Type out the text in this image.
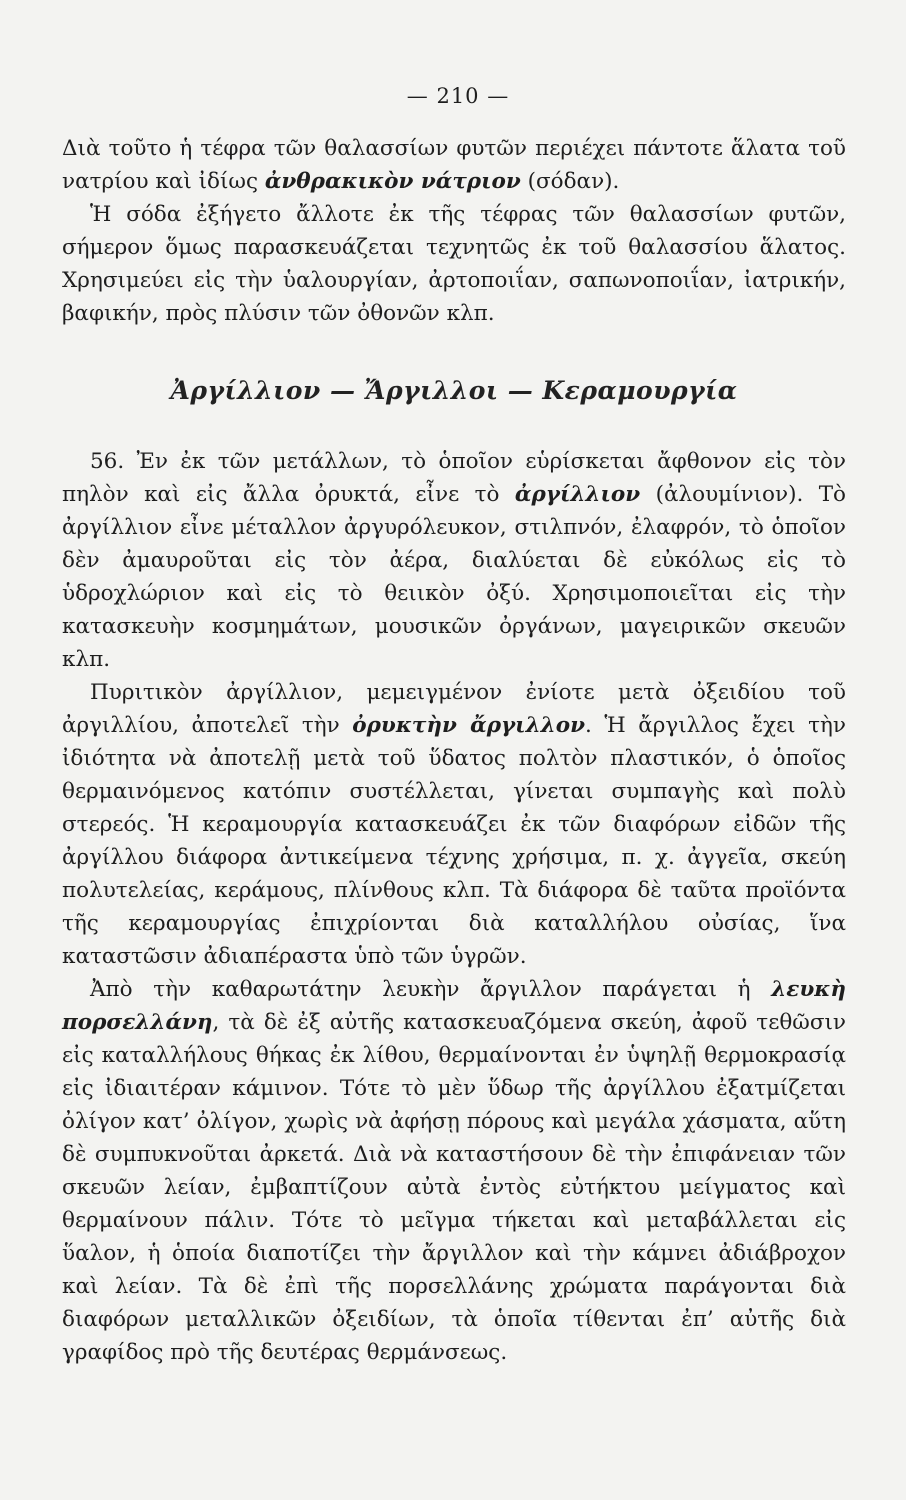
— 210 —

Διὰ τοῦτο ἡ τέφρα τῶν θαλασσίων φυτῶν περιέχει πάντοτε ἅλατα τοῦ νατρίου καὶ ἰδίως ἀνθρακικὸν νάτριον (σόδαν).

Ἡ σόδα ἐξήγετο ἄλλοτε ἐκ τῆς τέφρας τῶν θαλασσίων φυτῶν, σήμερον ὅμως παρασκευάζεται τεχνητῶς ἐκ τοῦ θαλασσίου ἅλατος. Χρησιμεύει εἰς τὴν ὑαλουργίαν, ἀρτοποιΐαν, σαπωνοποιΐαν, ἰατρικήν, βαφικήν, πρὸς πλύσιν τῶν ὀθονῶν κλπ.

Ἀργίλλιον — Ἄργιλλοι — Κεραμουργία

56. Ἐν ἐκ τῶν μετάλλων, τὸ ὁποῖον εὑρίσκεται ἄφθονον εἰς τὸν πηλὸν καὶ εἰς ἄλλα ὀρυκτά, εἶνε τὸ ἀργίλλιον (ἀλουμίνιον). Τὸ ἀργίλλιον εἶνε μέταλλον ἀργυρόλευκον, στιλπνόν, ἐλαφρόν, τὸ ὁποῖον δὲν ἀμαυροῦται εἰς τὸν ἀέρα, διαλύεται δὲ εὐκόλως εἰς τὸ ὑδροχλώριον καὶ εἰς τὸ θειικὸν ὀξύ. Χρησιμοποιεῖται εἰς τὴν κατασκευὴν κοσμημάτων, μουσικῶν ὀργάνων, μαγειρικῶν σκευῶν κλπ.

Πυριτικὸν ἀργίλλιον, μεμειγμένον ἐνίοτε μετὰ ὀξειδίου τοῦ ἀργιλλίου, ἀποτελεῖ τὴν ὀρυκτὴν ἄργιλλον. Ἡ ἄργιλλος ἔχει τὴν ἰδιότητα νὰ ἀποτελῇ μετὰ τοῦ ὕδατος πολτὸν πλαστικόν, ὁ ὁποῖος θερμαινόμενος κατόπιν συστέλλεται, γίνεται συμπαγὴς καὶ πολὺ στερεός. Ἡ κεραμουργία κατασκευάζει ἐκ τῶν διαφόρων εἰδῶν τῆς ἀργίλλου διάφορα ἀντικείμενα τέχνης χρήσιμα, π. χ. ἀγγεῖα, σκεύη πολυτελείας, κεράμους, πλίνθους κλπ. Τὰ διάφορα δὲ ταῦτα προϊόντα τῆς κεραμουργίας ἐπιχρίονται διὰ καταλλήλου οὐσίας, ἵνα καταστῶσιν ἀδιαπέραστα ὑπὸ τῶν ὑγρῶν.

Ἀπὸ τὴν καθαρωτάτην λευκὴν ἄργιλλον παράγεται ἡ λευκὴ πορσελλάνη, τὰ δὲ ἐξ αὐτῆς κατασκευαζόμενα σκεύη, ἀφοῦ τεθῶσιν εἰς καταλλήλους θήκας ἐκ λίθου, θερμαίνονται ἐν ὑψηλῇ θερμοκρασίᾳ εἰς ἰδιαιτέραν κάμινον. Τότε τὸ μὲν ὕδωρ τῆς ἀργίλλου ἐξατμίζεται ὀλίγον κατ’ ὀλίγον, χωρὶς νὰ ἀφήσῃ πόρους καὶ μεγάλα χάσματα, αὕτη δὲ συμπυκνοῦται ἀρκετά. Διὰ νὰ καταστήσουν δὲ τὴν ἐπιφάνειαν τῶν σκευῶν λείαν, ἐμβαπτίζουν αὐτὰ ἐντὸς εὐτήκτου μείγματος καὶ θερμαίνουν πάλιν. Τότε τὸ μεῖγμα τήκεται καὶ μεταβάλλεται εἰς ὕαλον, ἡ ὁποία διαποτίζει τὴν ἄργιλλον καὶ τὴν κάμνει ἀδιάβροχον καὶ λείαν. Τὰ δὲ ἐπὶ τῆς πορσελλάνης χρώματα παράγονται διὰ διαφόρων μεταλλικῶν ὀξειδίων, τὰ ὁποῖα τίθενται ἐπ’ αὐτῆς διὰ γραφίδος πρὸ τῆς δευτέρας θερμάνσεως.
